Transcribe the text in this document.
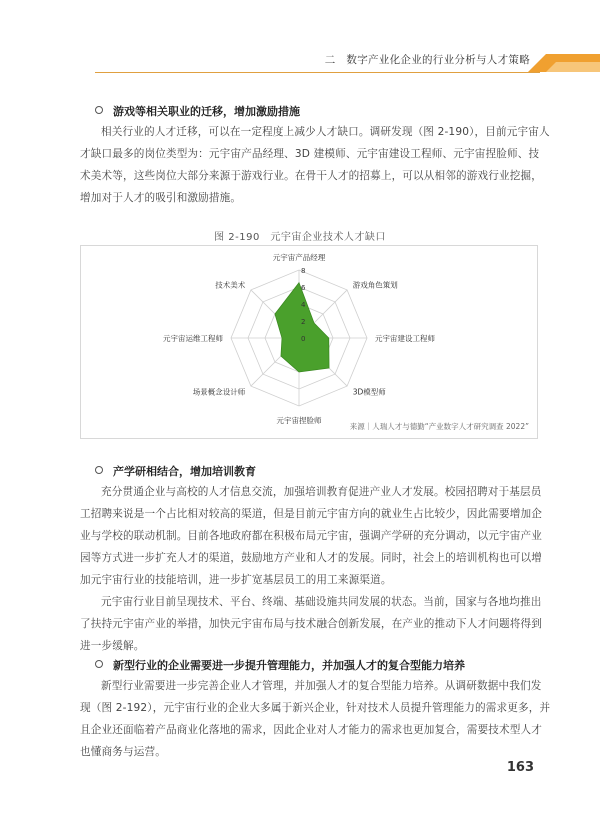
二　数字产业化企业的行业分析与人才策略
游戏等相关职业的迁移，增加激励措施
相关行业的人才迁移，可以在一定程度上减少人才缺口。调研发现（图 2-190），目前元宇宙人
才缺口最多的岗位类型为：元宇宙产品经理、3D 建模师、元宇宙建设工程师、元宇宙捏脸师、技
术美术等，这些岗位大部分来源于游戏行业。在骨干人才的招募上，可以从相邻的游戏行业挖掘，
增加对于人才的吸引和激励措施。
图 2-190　元宇宙企业技术人才缺口
0
2
4
6
8
元宇宙产品经理
游戏角色策划
元宇宙建设工程师
3D模型师
元宇宙捏脸师
场景概念设计师
元宇宙运维工程师
技术美术
来源｜人瑞人才与德勤“产业数字人才研究调查 2022”
产学研相结合，增加培训教育
充分贯通企业与高校的人才信息交流，加强培训教育促进产业人才发展。校园招聘对于基层员
工招聘来说是一个占比相对较高的渠道，但是目前元宇宙方向的就业生占比较少，因此需要增加企
业与学校的联动机制。目前各地政府都在积极布局元宇宙，强调产学研的充分调动，以元宇宙产业
园等方式进一步扩充人才的渠道，鼓励地方产业和人才的发展。同时，社会上的培训机构也可以增
加元宇宙行业的技能培训，进一步扩宽基层员工的用工来源渠道。
元宇宙行业目前呈现技术、平台、终端、基础设施共同发展的状态。当前，国家与各地均推出
了扶持元宇宙产业的举措，加快元宇宙布局与技术融合创新发展，在产业的推动下人才问题将得到
进一步缓解。
新型行业的企业需要进一步提升管理能力，并加强人才的复合型能力培养
新型行业需要进一步完善企业人才管理，并加强人才的复合型能力培养。从调研数据中我们发
现（图 2-192），元宇宙行业的企业大多属于新兴企业，针对技术人员提升管理能力的需求更多，并
且企业还面临着产品商业化落地的需求，因此企业对人才能力的需求也更加复合，需要技术型人才
也懂商务与运营。
163
